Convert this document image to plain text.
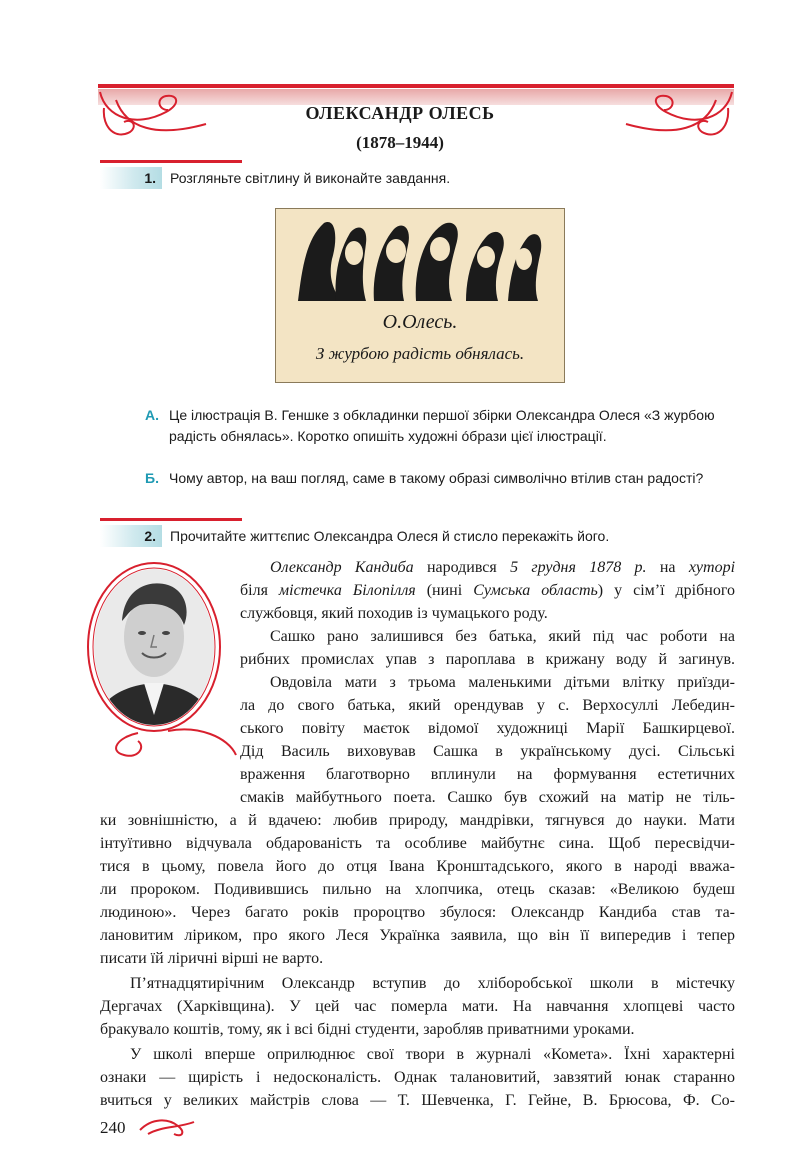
ОЛЕКСАНДР ОЛЕСЬ
(1878–1944)
1.	Розгляньте світлину й виконайте завдання.
О.Олесь.
З журбою радість обнялась.
А. Це ілюстрація В. Геншке з обкладинки першої збірки Олександра Олеся «З журбою радість обнялась». Коротко опишіть художні óбрази цієї ілюстрації.
Б. Чому автор, на ваш погляд, саме в такому образі символічно втілив стан радості?
2.	Прочитайте життєпис Олександра Олеся й стисло перекажіть його.
Олександр Кандиба народився 5 грудня 1878 р. на хуторі
біля містечка Білопілля (нині Сумська область) у сім’ї дрібного
службовця, який походив із чумацького роду.
Сашко рано залишився без батька, який під час роботи на
рибних промислах упав з пароплава в крижану воду й загинув.
Овдовіла мати з трьома маленькими дітьми влітку приїзди-
ла до свого батька, який орендував у с. Верхосуллі Лебедин-
ського повіту маєток відомої художниці Марії Башкирцевої.
Дід Василь виховував Сашка в українському дусі. Сільські
враження благотворно вплинули на формування естетичних
смаків майбутнього поета. Сашко був схожий на матір не тіль-
ки зовнішністю, а й вдачею: любив природу, мандрівки, тягнувся до науки. Мати
інтуїтивно відчувала обдарованість та особливе майбутнє сина. Щоб пересвідчи-
тися в цьому, повела його до отця Івана Кронштадського, якого в народі вважа-
ли пророком. Подивившись пильно на хлопчика, отець сказав: «Великою будеш
людиною». Через багато років пророцтво збулося: Олександр Кандиба став та-
лановитим ліриком, про якого Леся Українка заявила, що він її випередив і тепер
писати їй ліричні вірші не варто.
П’ятнадцятирічним Олександр вступив до хліборобської школи в містечку
Дергачах (Харківщина). У цей час померла мати. На навчання хлопцеві часто
бракувало коштів, тому, як і всі бідні студенти, заробляв приватними уроками.
У школі вперше оприлюднює свої твори в журналі «Комета». Їхні характерні
ознаки — щирість і недосконалість. Однак талановитий, завзятий юнак старанно
вчиться у великих майстрів слова — Т. Шевченка, Г. Гейне, В. Брюсова, Ф. Со-
240
